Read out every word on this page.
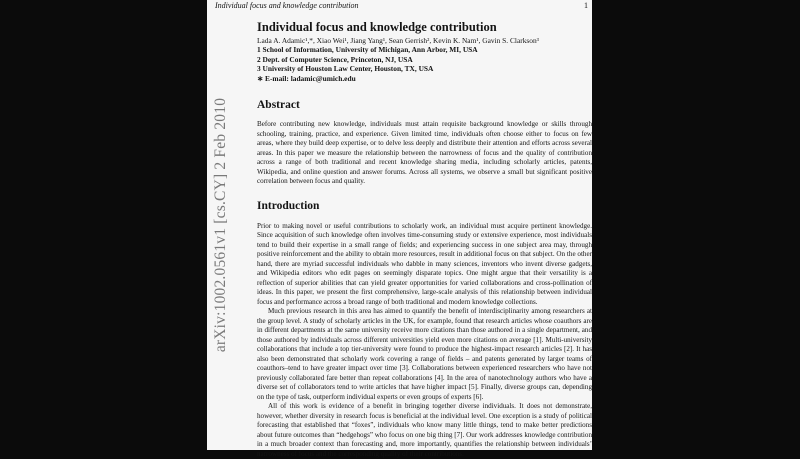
Individual focus and knowledge contribution	1
arXiv:1002.0561v1 [cs.CY] 2 Feb 2010
Individual focus and knowledge contribution
Lada A. Adamic¹,*, Xiao Wei¹, Jiang Yang¹, Sean Gerrish², Kevin K. Nam¹, Gavin S. Clarkson³
1 School of Information, University of Michigan, Ann Arbor, MI, USA
2 Dept. of Computer Science, Princeton, NJ, USA
3 University of Houston Law Center, Houston, TX, USA
∗ E-mail: ladamic@umich.edu
Abstract

Before contributing new knowledge, individuals must attain requisite background knowledge or skills through schooling, training, practice, and experience. Given limited time, individuals often choose either to focus on few areas, where they build deep expertise, or to delve less deeply and distribute their attention and efforts across several areas. In this paper we measure the relationship between the narrowness of focus and the quality of contribution across a range of both traditional and recent knowledge sharing media, including scholarly articles, patents, Wikipedia, and online question and answer forums. Across all systems, we observe a small but significant positive correlation between focus and quality.

Introduction

Prior to making novel or useful contributions to scholarly work, an individual must acquire pertinent knowledge. Since acquisition of such knowledge often involves time-consuming study or extensive experience, most individuals tend to build their expertise in a small range of fields; and experiencing success in one subject area may, through positive reinforcement and the ability to obtain more resources, result in additional focus on that subject. On the other hand, there are myriad successful individuals who dabble in many sciences, inventors who invent diverse gadgets, and Wikipedia editors who edit pages on seemingly disparate topics. One might argue that their versatility is a reflection of superior abilities that can yield greater opportunities for varied collaborations and cross-pollination of ideas. In this paper, we present the first comprehensive, large-scale analysis of this relationship between individual focus and performance across a broad range of both traditional and modern knowledge collections.

Much previous research in this area has aimed to quantify the benefit of interdisciplinarity among researchers at the group level. A study of scholarly articles in the UK, for example, found that research articles whose coauthors are in different departments at the same university receive more citations than those authored in a single department, and those authored by individuals across different universities yield even more citations on average [1]. Multi-university collaborations that include a top tier-university were found to produce the highest-impact research articles [2]. It has also been demonstrated that scholarly work covering a range of fields – and patents generated by larger teams of coauthors–tend to have greater impact over time [3]. Collaborations between experienced researchers who have not previously collaborated fare better than repeat collaborations [4]. In the area of nanotechnology authors who have a diverse set of collaborators tend to write articles that have higher impact [5]. Finally, diverse groups can, depending on the type of task, outperform individual experts or even groups of experts [6].

All of this work is evidence of a benefit in bringing together diverse individuals. It does not demonstrate, however, whether diversity in research focus is beneficial at the individual level. One exception is a study of political forecasting that established that “foxes”, individuals who know many little things, tend to make better predictions about future outcomes than “hedgehogs” who focus on one big thing [7]. Our work addresses knowledge contribution in a much broader context than forecasting and, more importantly, quantifies the relationship between individuals’ narrowness of focus and the corresponding quality of their contributions.
